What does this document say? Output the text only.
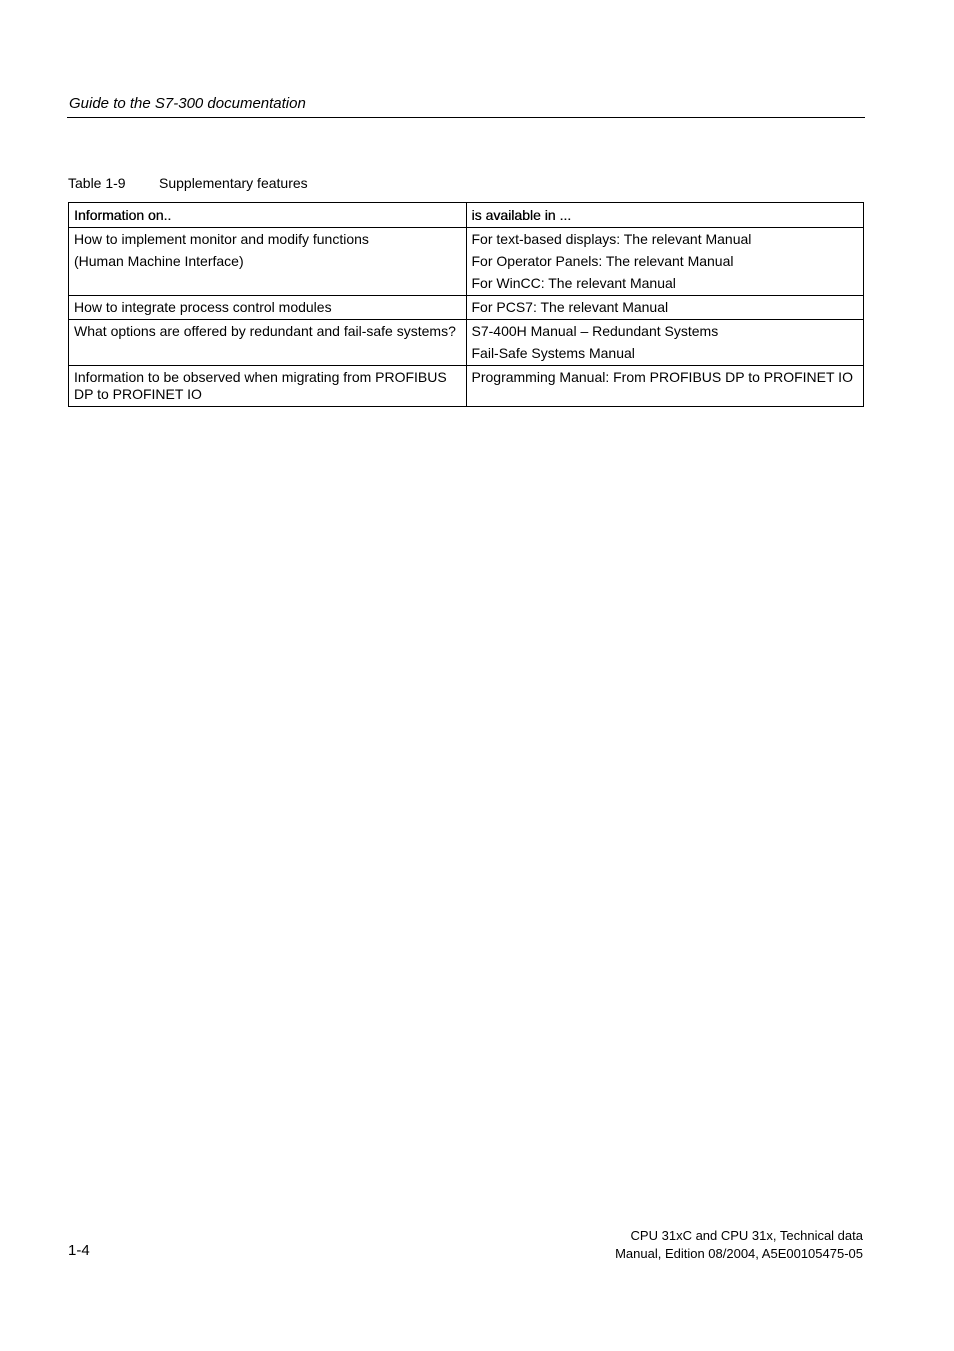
Guide to the S7-300 documentation
Table 1-9 Supplementary features
Information on..	is available in ...

How to implement monitor and modify functions
(Human Machine Interface)	For text-based displays: The relevant Manual
For Operator Panels: The relevant Manual
For WinCC: The relevant Manual

How to integrate process control modules	For PCS7: The relevant Manual

What options are offered by redundant and fail-safe systems?	S7-400H Manual – Redundant Systems
Fail-Safe Systems Manual

Information to be observed when migrating from PROFIBUS DP to PROFINET IO	Programming Manual: From PROFIBUS DP to PROFINET IO
1-4
CPU 31xC and CPU 31x, Technical data
Manual, Edition 08/2004, A5E00105475-05
